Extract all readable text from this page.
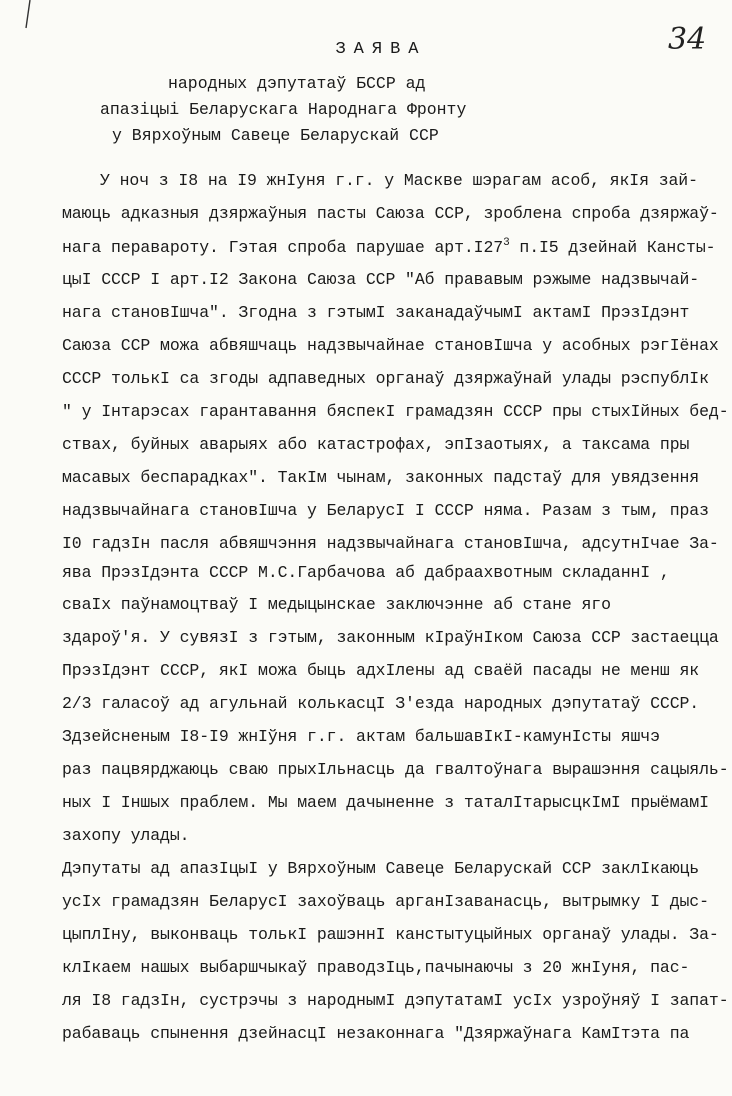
34
ЗАЯВА
народных дэпутатаў БССР ад
апазіцыі Беларускага Народнага Фронту
у Вярхоўным Савеце Беларускай ССР
У ноч з І8 на І9 жнІуня г.г. у Маскве шэрагам асоб, якІя зай-
маюць адказныя дзяржаўныя пасты Саюза ССР, зроблена спроба дзяржаў-
нага перавароту. Гэтая спроба парушае $арт.І27^3$ п.І5 дзейнай Кансты-
цыІ СССР І арт.І2 Закона Саюза ССР "Аб прававым рэжыме надзвычай-
нага становІшча". Згодна з гэтымІ заканадаўчымІ актамІ ПрэзІдэнт
Саюза ССР можа абвяшчаць надзвычайнае становІшча у асобных рэгІёнах
СССР толькІ са згоды адпаведных органаў дзяржаўнай улады рэспублІк
" у Інтарэсах гарантавання бяспекІ грамадзян СССР пры стыхІйных бед-
ствах, буйных аварыях або катастрофах, эпІзаотыях, а таксама пры
масавых беспарадках". ТакІм чынам, законных падстаў для увядзення
надзвычайнага становІшча у БеларусІ І СССР няма. Разам з тым, праз
І0 гадзІн пасля абвяшчэння надзвычайнага становІшча, адсутнІчае За-
ява ПрэзІдэнта СССР М.С.Гарбачова аб дабраахвотным складаннІ ,
сваІх паўнамоцтваў І медыцынскае заключэнне аб стане яго
здароў'я. У сувязІ з гэтым, законным кІраўнІком Саюза ССР застаецца
ПрэзІдэнт СССР, якІ можа быць адхІлены ад сваёй пасады не менш як
2/3 галасоў ад агульнай колькасцІ З'езда народных дэпутатаў СССР.
Здзейсненым І8-І9 жнІўня г.г. актам бальшавІкІ-камунІсты яшчэ
раз пацвярджаюць сваю прыхІльнасць да гвалтоўнага вырашэння сацыяль-
ных І Іншых праблем. Мы маем дачыненне з таталІтарысцкІмІ прыёмамІ
захопу улады.
Дэпутаты ад апазІцыІ у Вярхоўным Савеце Беларускай ССР заклІкаюць
усІх грамадзян БеларусІ захоўваць арганІзаванасць, вытрымку І дыс-
цыплІну, выконваць толькІ рашэннІ канстытуцыйных органаў улады. За-
клІкаем нашых выбаршчыкаў праводзІць,пачынаючы з 20 жнІуня, пас-
ля І8 гадзІн, сустрэчы з народнымІ дэпутатамІ усІх узроўняў І запат-
рабаваць спынення дзейнасцІ незаконнага "Дзяржаўнага КамІтэта па
